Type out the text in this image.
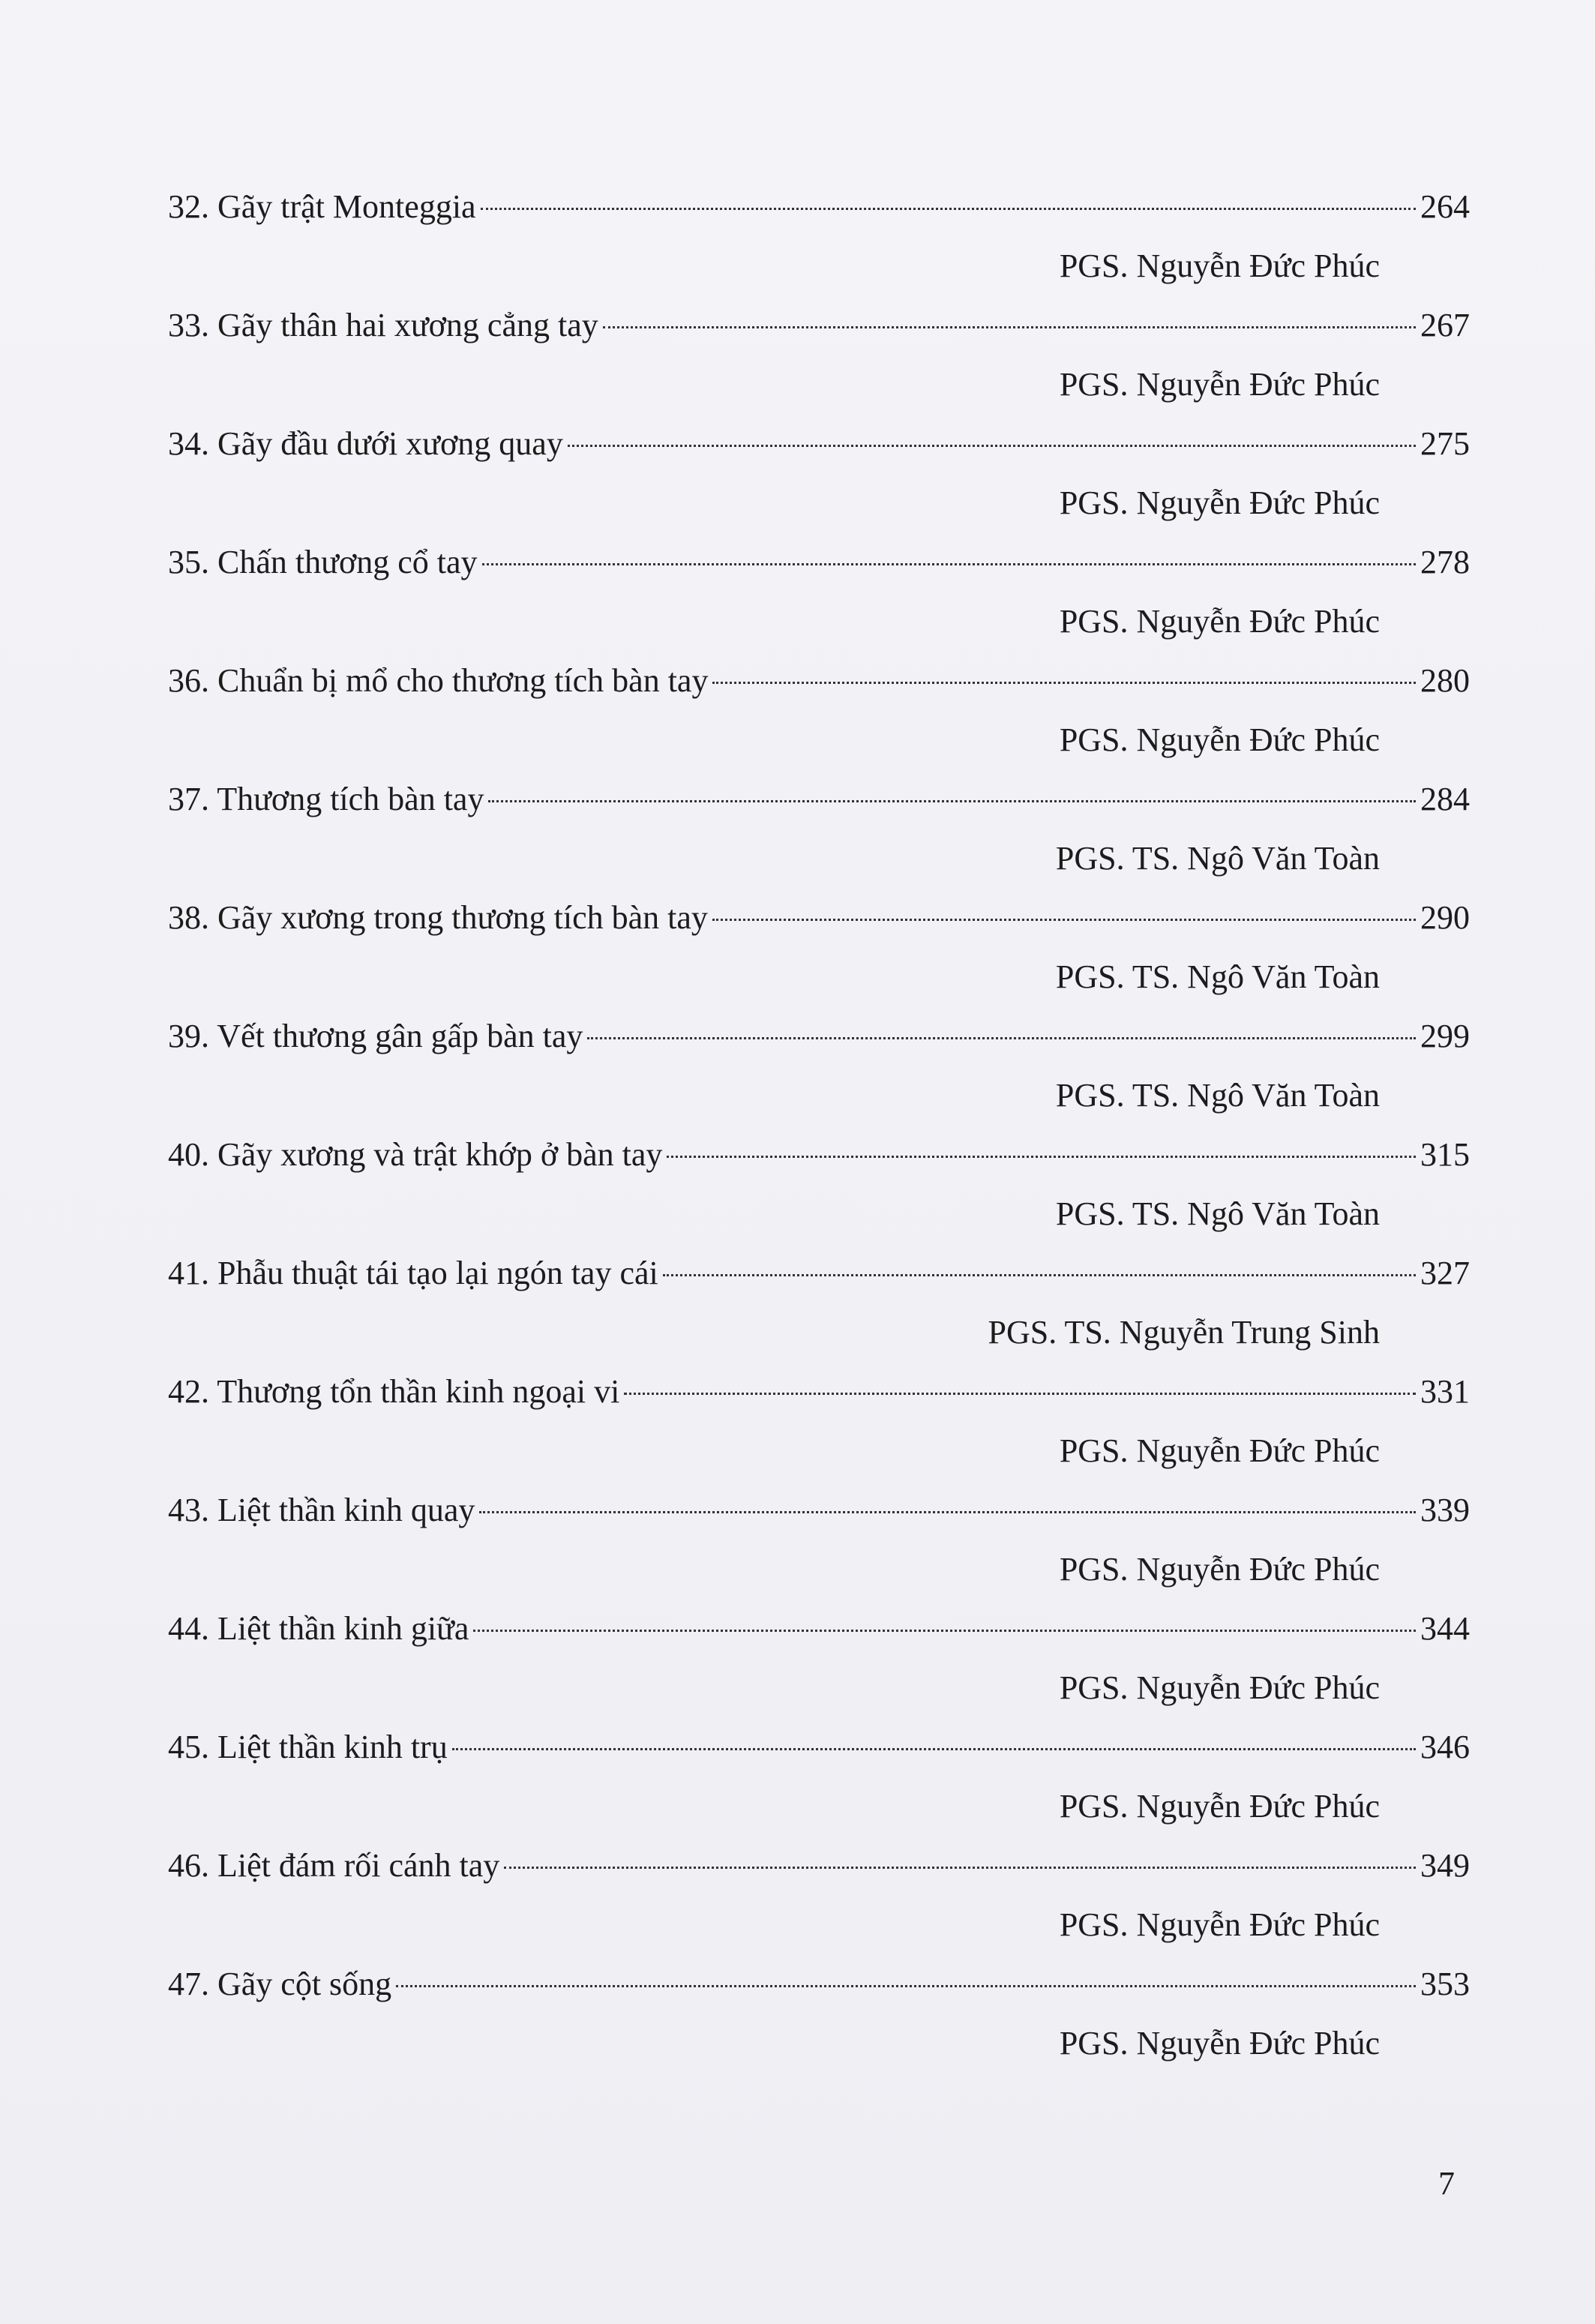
32. Gãy trật Monteggia	264
PGS. Nguyễn Đức Phúc
33. Gãy thân hai xương cẳng tay	267
PGS. Nguyễn Đức Phúc
34. Gãy đầu dưới xương quay	275
PGS. Nguyễn Đức Phúc
35. Chấn thương cổ tay	278
PGS. Nguyễn Đức Phúc
36. Chuẩn bị mổ cho thương tích bàn tay	280
PGS. Nguyễn Đức Phúc
37. Thương tích bàn tay	284
PGS. TS. Ngô Văn Toàn
38. Gãy xương trong thương tích bàn tay	290
PGS. TS. Ngô Văn Toàn
39. Vết thương gân gấp bàn tay	299
PGS. TS. Ngô Văn Toàn
40. Gãy xương và trật khớp ở bàn tay	315
PGS. TS. Ngô Văn Toàn
41. Phẫu thuật tái tạo lại ngón tay cái	327
PGS. TS. Nguyễn Trung Sinh
42. Thương tổn thần kinh ngoại vi	331
PGS. Nguyễn Đức Phúc
43. Liệt thần kinh quay	339
PGS. Nguyễn Đức Phúc
44. Liệt thần kinh giữa	344
PGS. Nguyễn Đức Phúc
45. Liệt thần kinh trụ	346
PGS. Nguyễn Đức Phúc
46. Liệt đám rối cánh tay	349
PGS. Nguyễn Đức Phúc
47. Gãy cột sống	353
PGS. Nguyễn Đức Phúc
7
